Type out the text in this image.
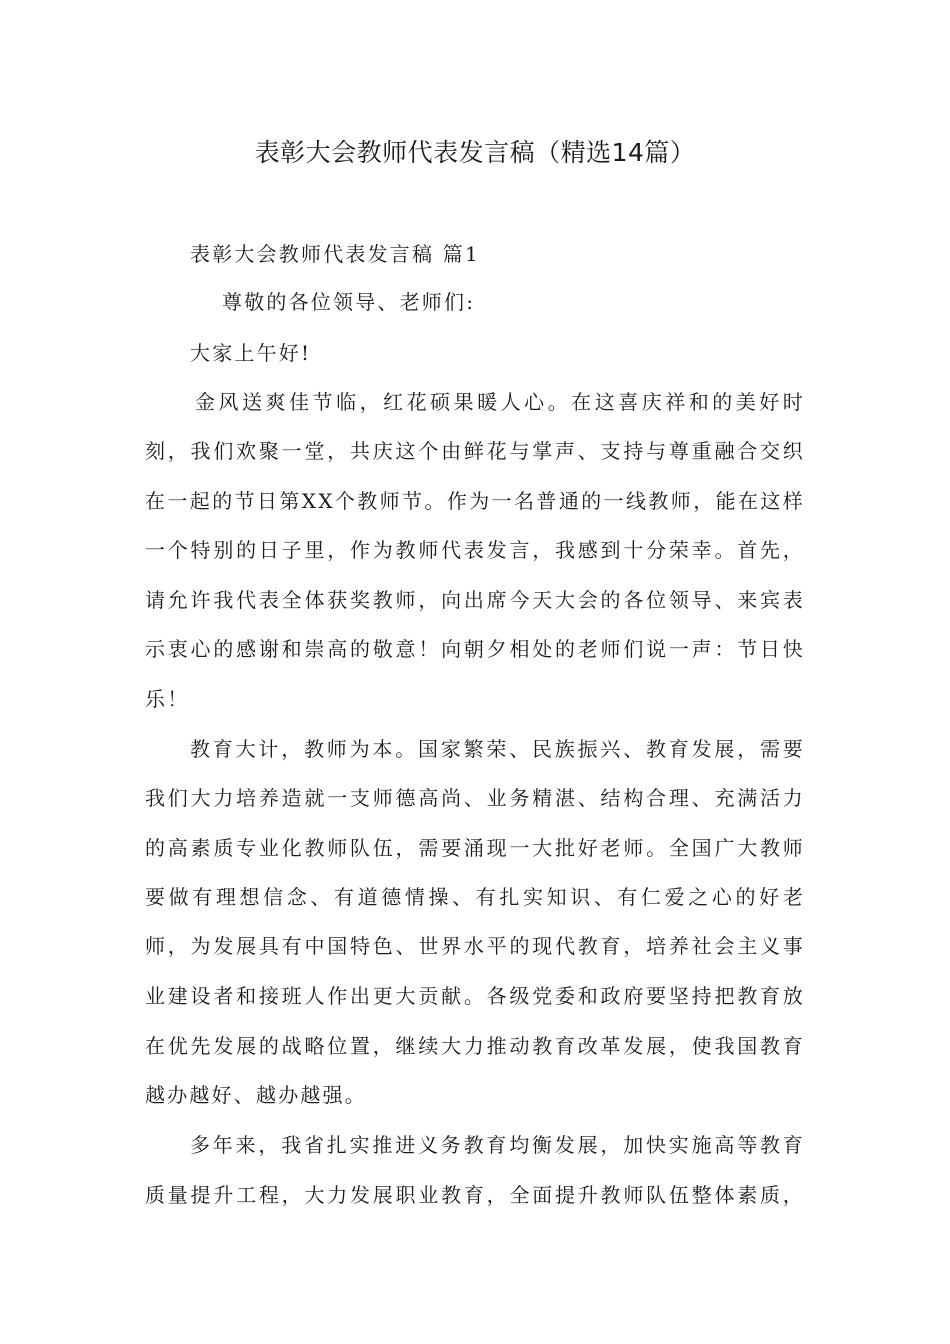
表彰大会教师代表发言稿（精选14篇）
表彰大会教师代表发言稿 篇1
尊敬的各位领导、老师们:
大家上午好!
金风送爽佳节临，红花硕果暖人心。在这喜庆祥和的美好时
刻，我们欢聚一堂，共庆这个由鲜花与掌声、支持与尊重融合交织
在一起的节日第XX个教师节。作为一名普通的一线教师，能在这样
一个特别的日子里，作为教师代表发言，我感到十分荣幸。首先，
请允许我代表全体获奖教师，向出席今天大会的各位领导、来宾表
示衷心的感谢和崇高的敬意！向朝夕相处的老师们说一声：节日快
乐！
教育大计，教师为本。国家繁荣、民族振兴、教育发展，需要
我们大力培养造就一支师德高尚、业务精湛、结构合理、充满活力
的高素质专业化教师队伍，需要涌现一大批好老师。全国广大教师
要做有理想信念、有道德情操、有扎实知识、有仁爱之心的好老
师，为发展具有中国特色、世界水平的现代教育，培养社会主义事
业建设者和接班人作出更大贡献。各级党委和政府要坚持把教育放
在优先发展的战略位置，继续大力推动教育改革发展，使我国教育
越办越好、越办越强。
多年来，我省扎实推进义务教育均衡发展，加快实施高等教育
质量提升工程，大力发展职业教育，全面提升教师队伍整体素质，
